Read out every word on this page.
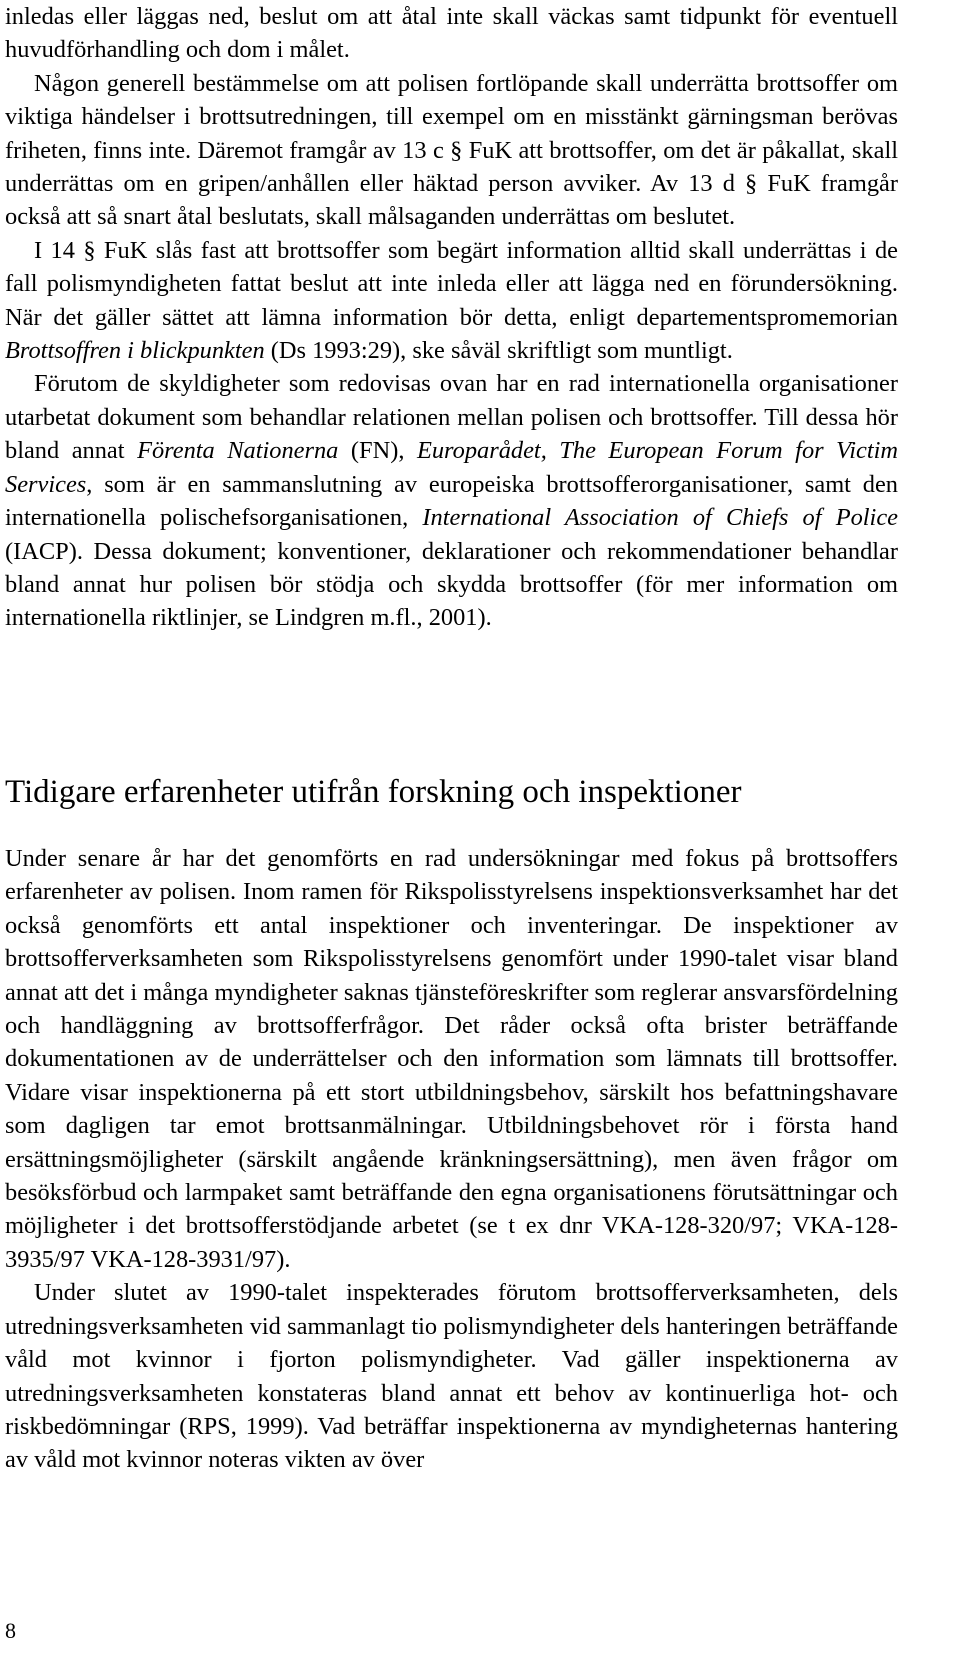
inledas eller läggas ned, beslut om att åtal inte skall väckas samt tidpunkt för eventuell huvudförhandling och dom i målet.

Någon generell bestämmelse om att polisen fortlöpande skall underrätta brottsoffer om viktiga händelser i brottsutredningen, till exempel om en misstänkt gärningsman berövas friheten, finns inte. Däremot framgår av 13 c § FuK att brottsoffer, om det är påkallat, skall underrättas om en gripen/anhållen eller häktad person avviker. Av 13 d § FuK framgår också att så snart åtal beslutats, skall målsaganden underrättas om beslutet.

I 14 § FuK slås fast att brottsoffer som begärt information alltid skall underrättas i de fall polismyndigheten fattat beslut att inte inleda eller att lägga ned en förundersökning. När det gäller sättet att lämna information bör detta, enligt departementspromemorian Brottsoffren i blickpunkten (Ds 1993:29), ske såväl skriftligt som muntligt.

Förutom de skyldigheter som redovisas ovan har en rad internationella organisationer utarbetat dokument som behandlar relationen mellan polisen och brottsoffer. Till dessa hör bland annat Förenta Nationerna (FN), Europarådet, The European Forum for Victim Services, som är en sammanslutning av europeiska brottsofferorganisationer, samt den internationella polischefsorganisationen, International Association of Chiefs of Police (IACP). Dessa dokument; konventioner, deklarationer och rekommendationer behandlar bland annat hur polisen bör stödja och skydda brottsoffer (för mer information om internationella riktlinjer, se Lindgren m.fl., 2001).

Tidigare erfarenheter utifrån forskning och inspektioner

Under senare år har det genomförts en rad undersökningar med fokus på brottsoffers erfarenheter av polisen. Inom ramen för Rikspolisstyrelsens inspektionsverksamhet har det också genomförts ett antal inspektioner och inventeringar. De inspektioner av brottsofferverksamheten som Rikspolisstyrelsens genomfört under 1990-talet visar bland annat att det i många myndigheter saknas tjänsteföreskrifter som reglerar ansvarsfördelning och handläggning av brottsofferfrågor. Det råder också ofta brister beträffande dokumentationen av de underrättelser och den information som lämnats till brottsoffer. Vidare visar inspektionerna på ett stort utbildningsbehov, särskilt hos befattningshavare som dagligen tar emot brottsanmälningar. Utbildningsbehovet rör i första hand ersättningsmöjligheter (särskilt angående kränkningsersättning), men även frågor om besöksförbud och larmpaket samt beträffande den egna organisationens förutsättningar och möjligheter i det brottsofferstödjande arbetet (se t ex dnr VKA-128-320/97; VKA-128-3935/97 VKA-128-3931/97).

Under slutet av 1990-talet inspekterades förutom brottsofferverksamheten, dels utredningsverksamheten vid sammanlagt tio polismyndigheter dels hanteringen beträffande våld mot kvinnor i fjorton polismyndigheter. Vad gäller inspektionerna av utredningsverksamheten konstateras bland annat ett behov av kontinuerliga hot- och riskbedömningar (RPS, 1999). Vad beträffar inspektionerna av myndigheternas hantering av våld mot kvinnor noteras vikten av över

8
